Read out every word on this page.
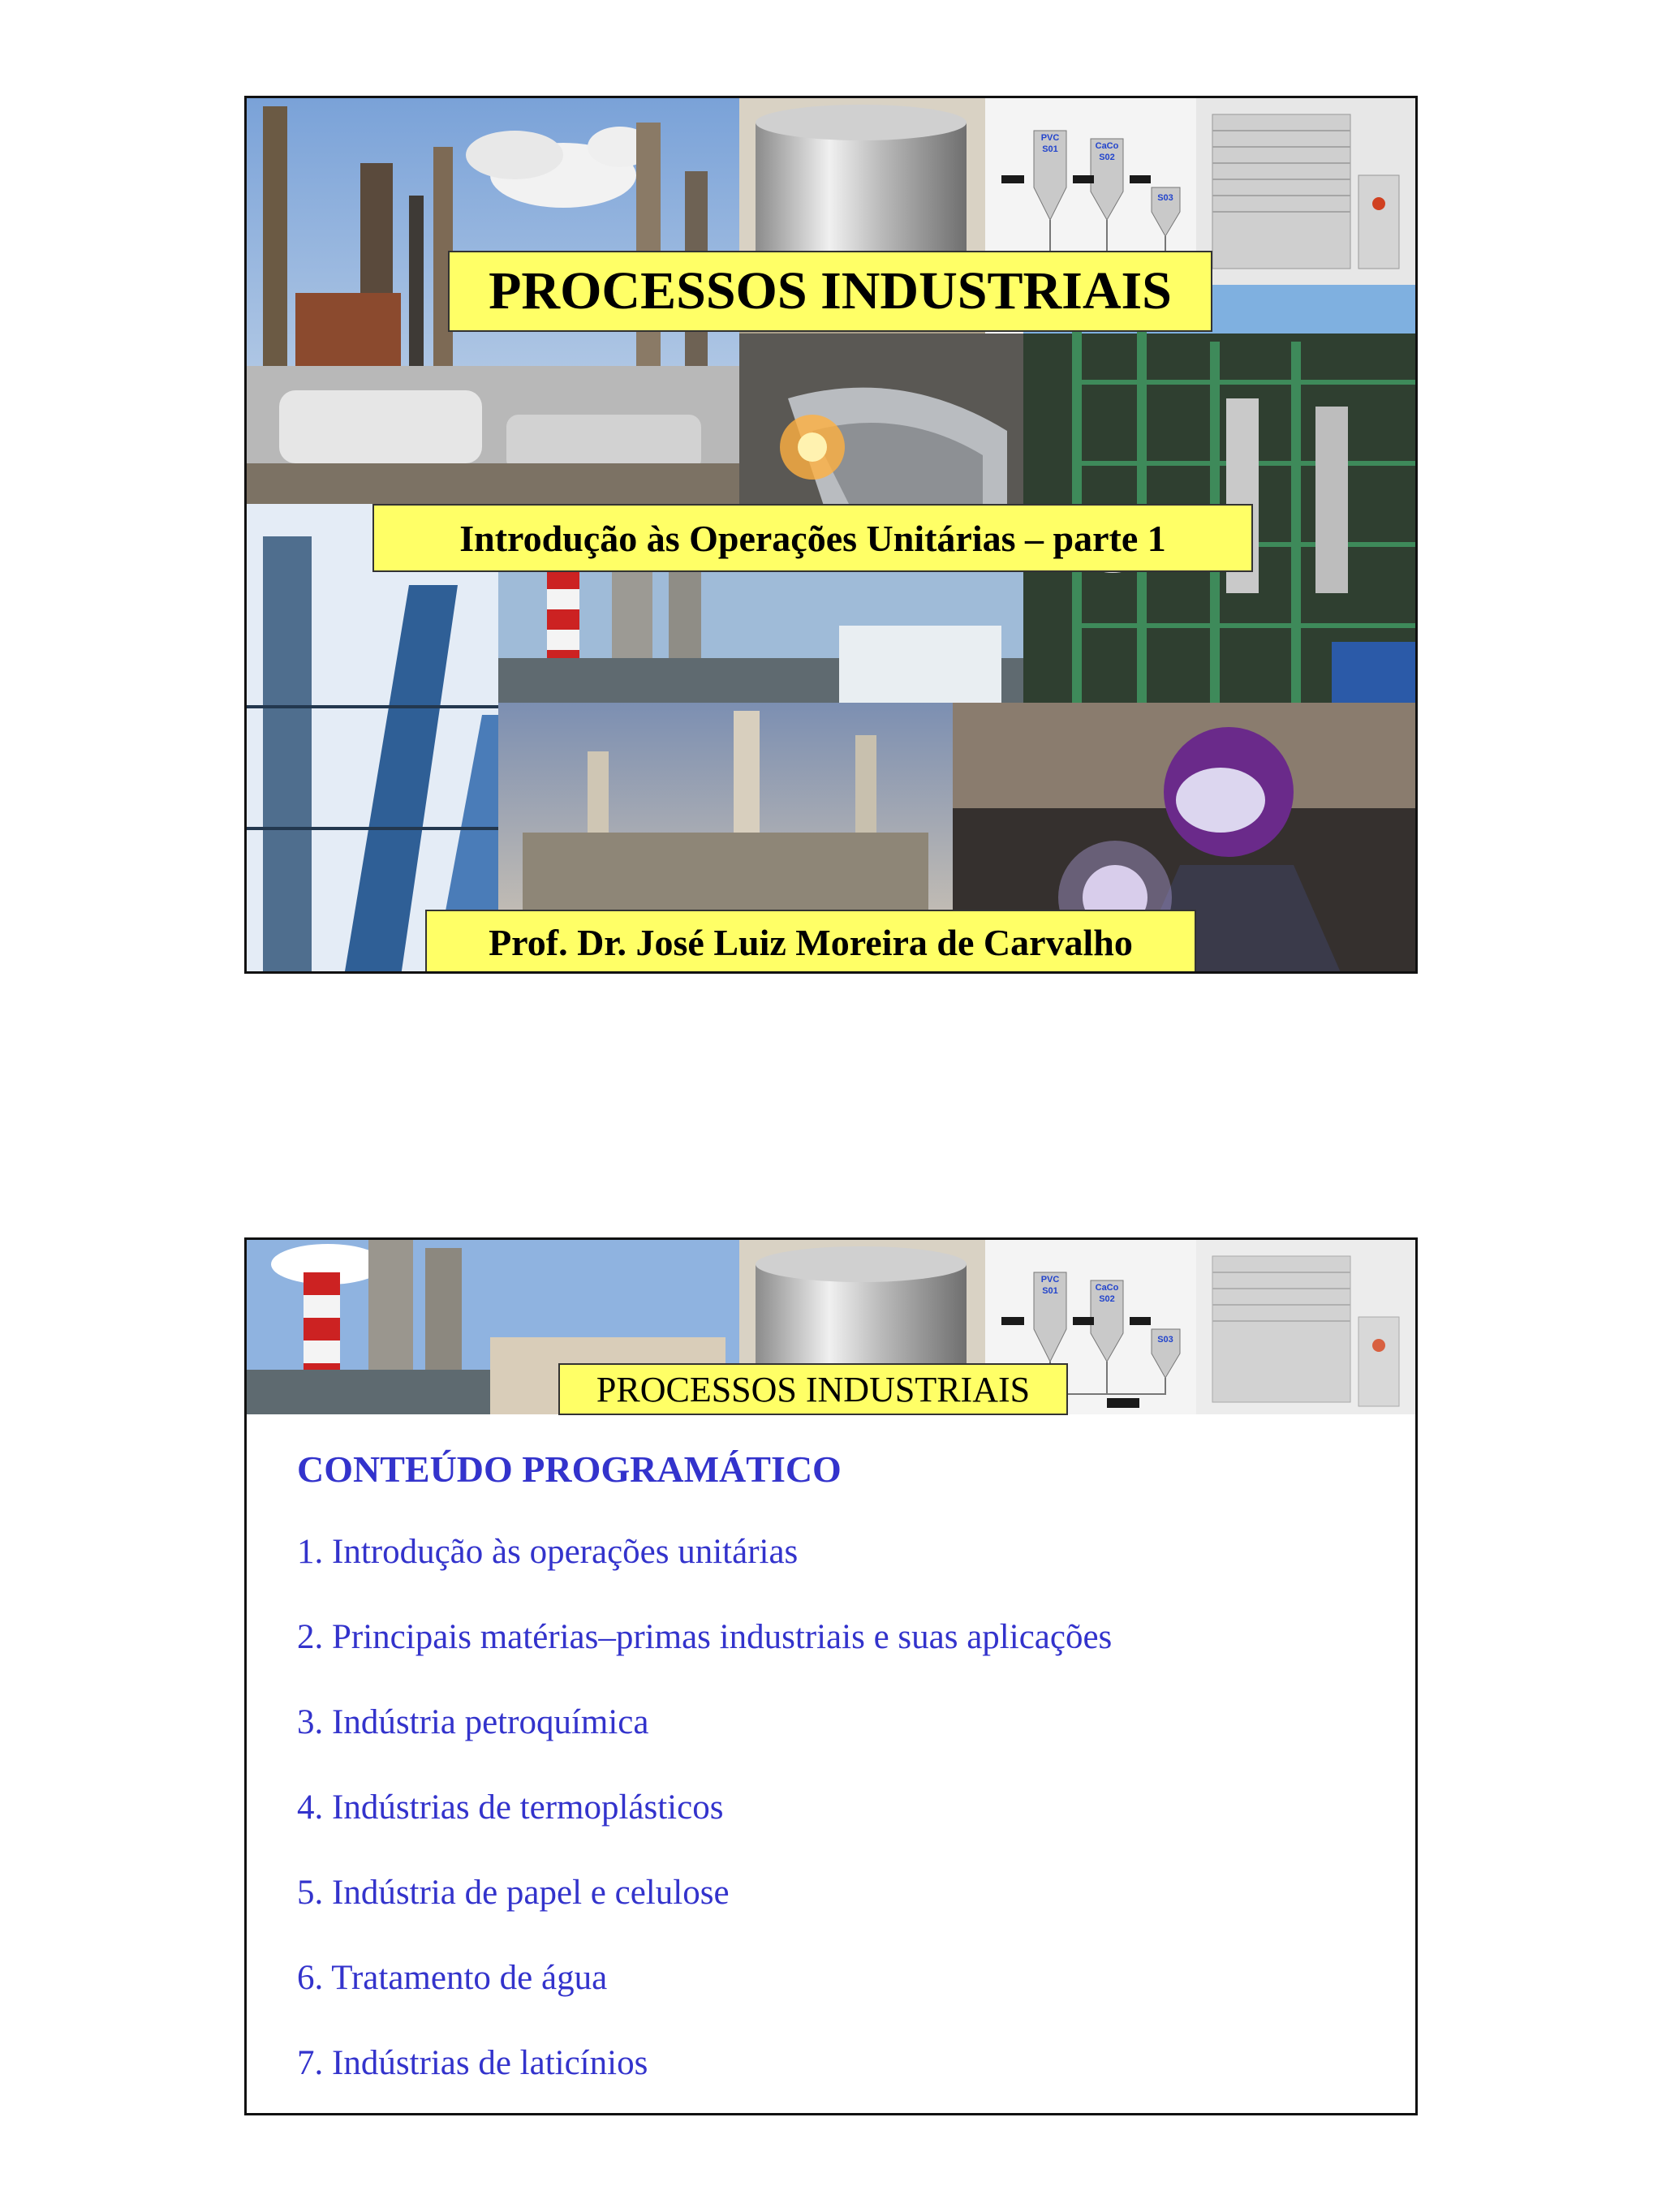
PVC
S01	CaCo
S02
S03
PROCESSOS INDUSTRIAIS
Introdução às Operações Unitárias – parte 1
Prof. Dr. José Luiz Moreira de Carvalho
PVC
S01	CaCo
S02
S03
PROCESSOS INDUSTRIAIS
CONTEÚDO PROGRAMÁTICO
1. Introdução às operações unitárias
2. Principais matérias–primas industriais e suas aplicações
3. Indústria petroquímica
4. Indústrias de termoplásticos
5. Indústria de papel e celulose
6. Tratamento de água
7. Indústrias de laticínios
